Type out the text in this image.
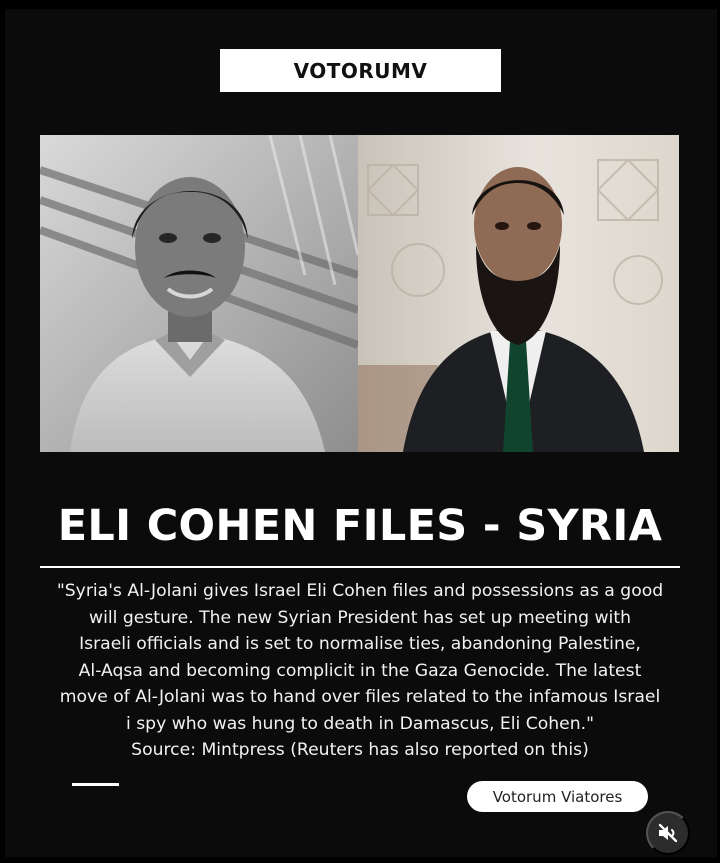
VOTORUMV
ELI COHEN FILES - SYRIA
"Syria's Al-Jolani gives Israel Eli Cohen files and possessions as a good
will gesture. The new Syrian President has set up meeting with
Israeli officials and is set to normalise ties, abandoning Palestine,
Al-Aqsa and becoming complicit in the Gaza Genocide. The latest
move of Al-Jolani was to hand over files related to the infamous Israel
i spy who was hung to death in Damascus, Eli Cohen."
Source: Mintpress (Reuters has also reported on this)
Votorum Viatores
